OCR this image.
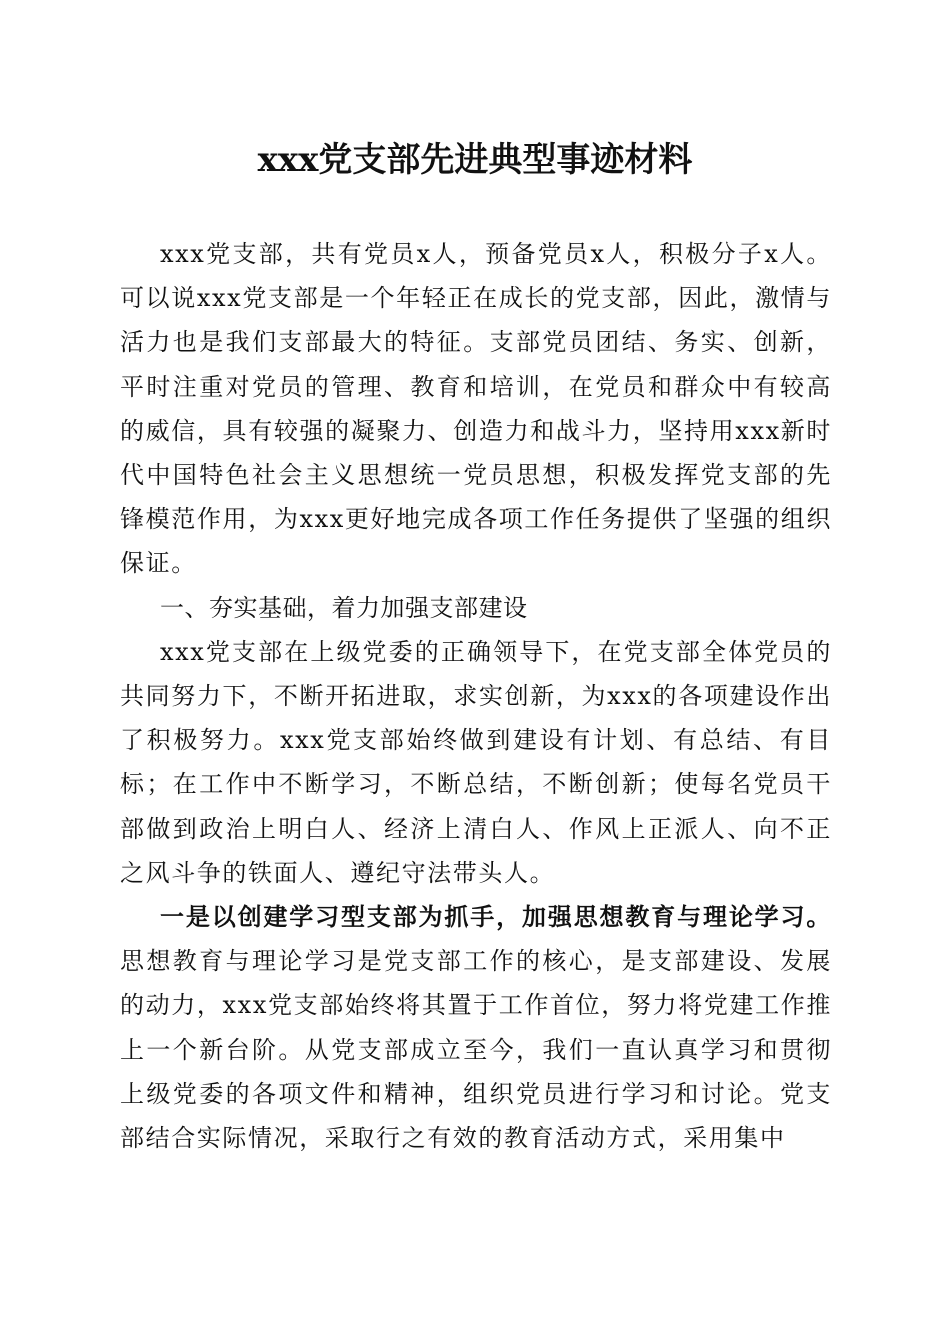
xxx党支部先进典型事迹材料

xxx党支部，共有党员x人，预备党员x人，积极分子x人。可以说xxx党支部是一个年轻正在成长的党支部，因此，激情与活力也是我们支部最大的特征。支部党员团结、务实、创新，平时注重对党员的管理、教育和培训，在党员和群众中有较高的威信，具有较强的凝聚力、创造力和战斗力，坚持用xxx新时代中国特色社会主义思想统一党员思想，积极发挥党支部的先锋模范作用，为xxx更好地完成各项工作任务提供了坚强的组织保证。

一、夯实基础，着力加强支部建设

xxx党支部在上级党委的正确领导下，在党支部全体党员的共同努力下，不断开拓进取，求实创新，为xxx的各项建设作出了积极努力。xxx党支部始终做到建设有计划、有总结、有目标；在工作中不断学习，不断总结，不断创新；使每名党员干部做到政治上明白人、经济上清白人、作风上正派人、向不正之风斗争的铁面人、遵纪守法带头人。

一是以创建学习型支部为抓手，加强思想教育与理论学习。思想教育与理论学习是党支部工作的核心，是支部建设、发展的动力，xxx党支部始终将其置于工作首位，努力将党建工作推上一个新台阶。从党支部成立至今，我们一直认真学习和贯彻上级党委的各项文件和精神，组织党员进行学习和讨论。党支部结合实际情况，采取行之有效的教育活动方式，采用集中
